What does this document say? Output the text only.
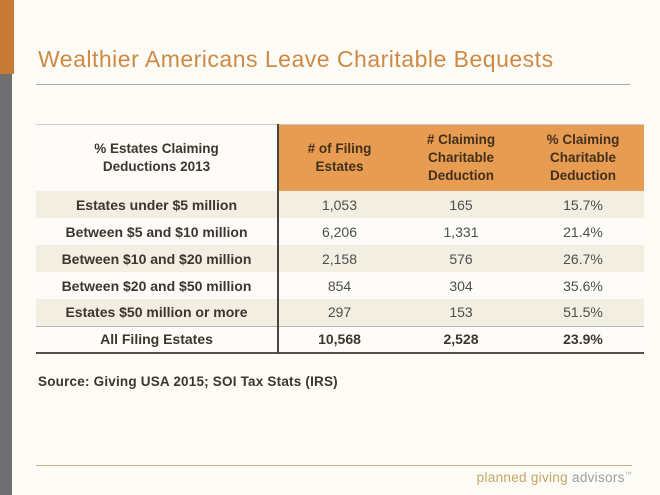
Wealthier Americans Leave Charitable Bequests
% Estates Claiming Deductions 2013	# of Filing Estates	# Claiming Charitable Deduction	% Claiming Charitable Deduction
Estates under $5 million	1,053	165	15.7%
Between $5 and $10 million	6,206	1,331	21.4%
Between $10 and $20 million	2,158	576	26.7%
Between $20 and $50 million	854	304	35.6%
Estates $50 million or more	297	153	51.5%
All Filing Estates	10,568	2,528	23.9%

Source: Giving USA 2015; SOI Tax Stats (IRS)

planned giving advisors™
